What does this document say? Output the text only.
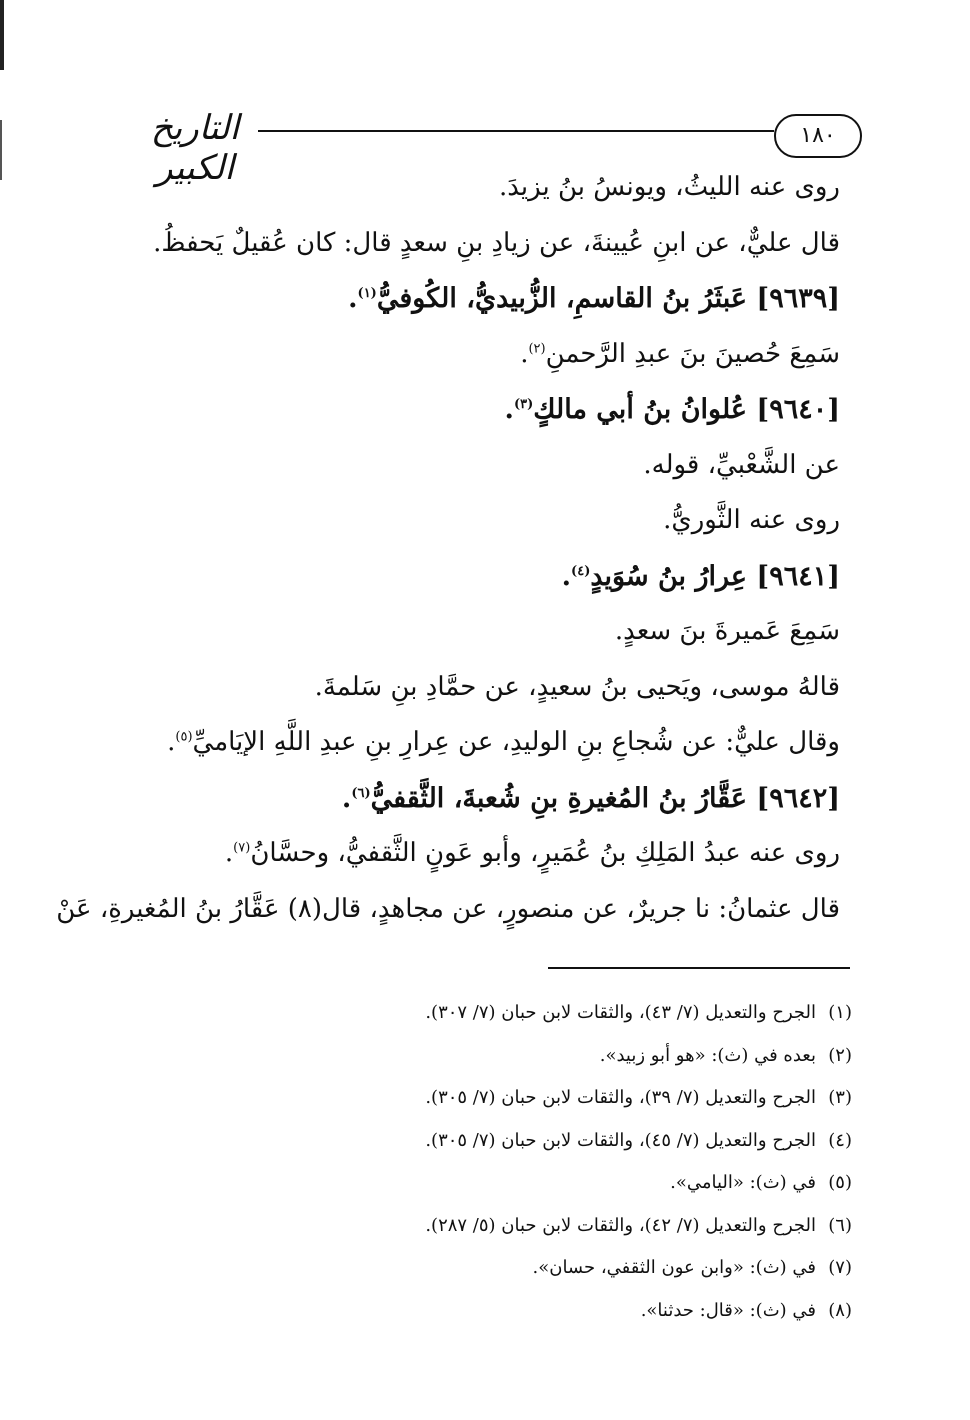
التاريخ الكبير
١٨٠
روى عنه الليثُ، ويونسُ بنُ يزيدَ.
قال عليٌّ، عن ابنِ عُيينةَ، عن زيادِ بنِ سعدٍ قال: كان عُقيلٌ يَحفظُ.
[٩٦٣٩] عَبثَرُ بنُ القاسمِ، الزُّبيديُّ، الكُوفيُّ$^{(١)}$.
سَمِعَ حُصينَ بنَ عبدِ الرَّحمنِ$^{(٢)}$.
[٩٦٤٠] عُلوانُ بنُ أبي مالكٍ$^{(٣)}$.
عن الشَّعْبيِّ، قوله.
روى عنه الثَّوريُّ.
[٩٦٤١] عِرارُ بنُ سُوَيدٍ$^{(٤)}$.
سَمِعَ عَميرةَ بنَ سعدٍ.
قالهُ موسى، ويَحيى بنُ سعيدٍ، عن حمَّادِ بنِ سَلمةَ.
وقال عليٌّ: عن شُجاعِ بنِ الوليدِ، عن عِرارِ بنِ عبدِ اللَّهِ الإيَاميِّ$^{(٥)}$.
[٩٦٤٢] عَقَّارُ بنُ المُغيرةِ بنِ شُعبةَ، الثَّقفيُّ$^{(٦)}$.
روى عنه عبدُ المَلِكِ بنُ عُمَيرٍ، وأبو عَونٍ الثَّقفيُّ، وحسَّانُ$^{(٧)}$.
قال عثمانُ: نا جريرٌ، عن منصورٍ، عن مجاهدٍ، قال(٨) عَقَّارُ بنُ المُغيرةِ، عَنْ
(١)الجرح والتعديل (٧/ ٤٣)، والثقات لابن حبان (٧/ ٣٠٧).
(٢)بعده في (ث): «هو أبو زبيد».
(٣)الجرح والتعديل (٧/ ٣٩)، والثقات لابن حبان (٧/ ٣٠٥).
(٤)الجرح والتعديل (٧/ ٤٥)، والثقات لابن حبان (٧/ ٣٠٥).
(٥)في (ث): «اليامي».
(٦)الجرح والتعديل (٧/ ٤٢)، والثقات لابن حبان (٥/ ٢٨٧).
(٧)في (ث): «وابن عون الثقفي، حسان».
(٨)في (ث): «قال: حدثنا».
